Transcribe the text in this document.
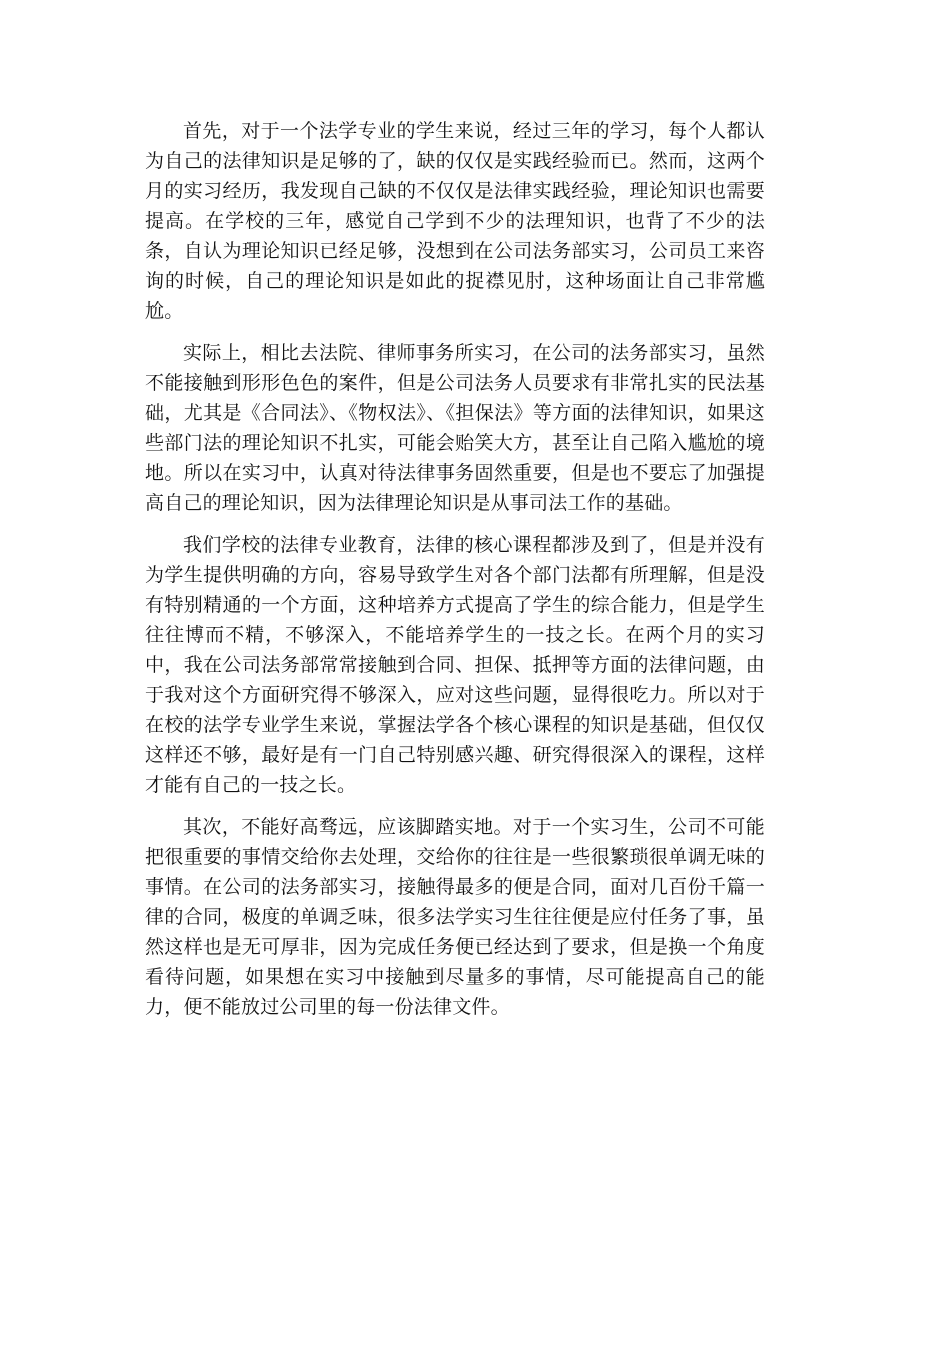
首先，对于一个法学专业的学生来说，经过三年的学习，每个人都认为自己的法律知识是足够的了，缺的仅仅是实践经验而已。然而，这两个月的实习经历，我发现自己缺的不仅仅是法律实践经验，理论知识也需要提高。在学校的三年，感觉自己学到不少的法理知识，也背了不少的法条，自认为理论知识已经足够，没想到在公司法务部实习，公司员工来咨询的时候，自己的理论知识是如此的捉襟见肘，这种场面让自己非常尴尬。

实际上，相比去法院、律师事务所实习，在公司的法务部实习，虽然不能接触到形形色色的案件，但是公司法务人员要求有非常扎实的民法基础，尤其是《合同法》、《物权法》、《担保法》等方面的法律知识，如果这些部门法的理论知识不扎实，可能会贻笑大方，甚至让自己陷入尴尬的境地。所以在实习中，认真对待法律事务固然重要，但是也不要忘了加强提高自己的理论知识，因为法律理论知识是从事司法工作的基础。

我们学校的法律专业教育，法律的核心课程都涉及到了，但是并没有为学生提供明确的方向，容易导致学生对各个部门法都有所理解，但是没有特别精通的一个方面，这种培养方式提高了学生的综合能力，但是学生往往博而不精，不够深入，不能培养学生的一技之长。在两个月的实习中，我在公司法务部常常接触到合同、担保、抵押等方面的法律问题，由于我对这个方面研究得不够深入，应对这些问题，显得很吃力。所以对于在校的法学专业学生来说，掌握法学各个核心课程的知识是基础，但仅仅这样还不够，最好是有一门自己特别感兴趣、研究得很深入的课程，这样才能有自己的一技之长。

其次，不能好高骛远，应该脚踏实地。对于一个实习生，公司不可能把很重要的事情交给你去处理，交给你的往往是一些很繁琐很单调无味的事情。在公司的法务部实习，接触得最多的便是合同，面对几百份千篇一律的合同，极度的单调乏味，很多法学实习生往往便是应付任务了事，虽然这样也是无可厚非，因为完成任务便已经达到了要求，但是换一个角度看待问题，如果想在实习中接触到尽量多的事情，尽可能提高自己的能力，便不能放过公司里的每一份法律文件。
